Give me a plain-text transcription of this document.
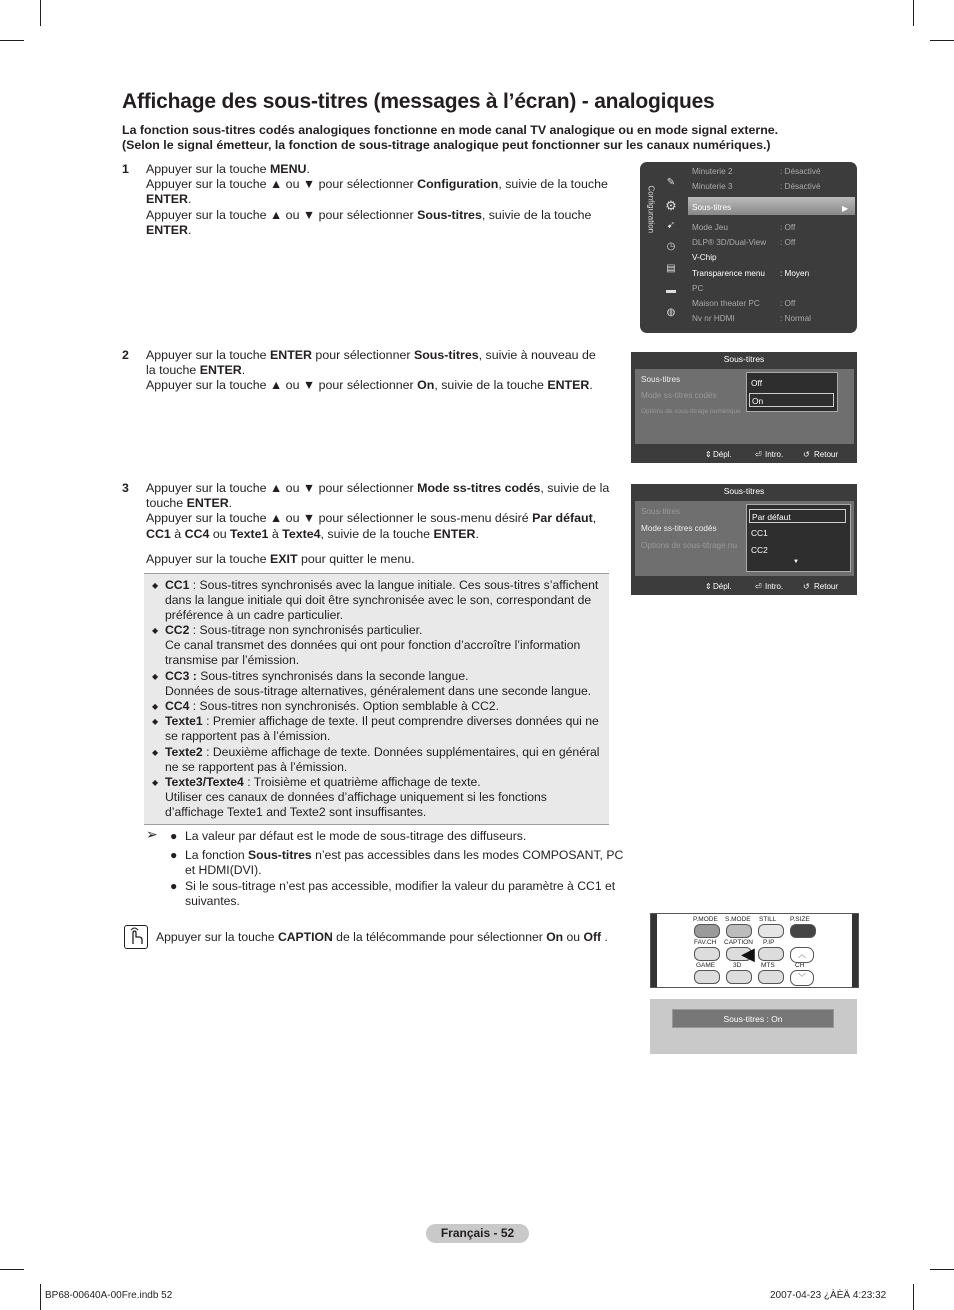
Affichage des sous-titres (messages à l’écran) - analogiques
La fonction sous-titres codés analogiques fonctionne en mode canal TV analogique ou en mode signal externe.
(Selon le signal émetteur, la fonction de sous-titrage analogique peut fonctionner sur les canaux numériques.)
1 Appuyer sur la touche MENU.

Appuyer sur la touche ▲ ou ▼ pour sélectionner Configuration, suivie de la touche ENTER.

Appuyer sur la touche ▲ ou ▼ pour sélectionner Sous-titres, suivie de la touche ENTER.

2 Appuyer sur la touche ENTER pour sélectionner Sous-titres, suivie à nouveau de la touche ENTER.

Appuyer sur la touche ▲ ou ▼ pour sélectionner On, suivie de la touche ENTER.

3 Appuyer sur la touche ▲ ou ▼ pour sélectionner Mode ss-titres codés, suivie de la touche ENTER.

Appuyer sur la touche ▲ ou ▼ pour sélectionner le sous-menu désiré Par défaut, CC1 à CC4 ou Texte1 à Texte4, suivie de la touche ENTER.

Appuyer sur la touche EXIT pour quitter le menu.

◆ CC1 : Sous-titres synchronisés avec la langue initiale. Ces sous-titres s’affichent dans la langue initiale qui doit être synchronisée avec le son, correspondant de préférence à un cadre particulier.
◆ CC2 : Sous-titrage non synchronisés particulier.
Ce canal transmet des données qui ont pour fonction d’accroître l’information transmise par l’émission.
◆ CC3 : Sous-titres synchronisés dans la seconde langue.
Données de sous-titrage alternatives, généralement dans une seconde langue.
◆ CC4 : Sous-titres non synchronisés. Option semblable à CC2.
◆ Texte1 : Premier affichage de texte. Il peut comprendre diverses données qui ne se rapportent pas à l’émission.
◆ Texte2 : Deuxième affichage de texte. Données supplémentaires, qui en général ne se rapportent pas à l’émission.
◆ Texte3/Texte4 : Troisième et quatrième affichage de texte.
Utiliser ces canaux de données d’affichage uniquement si les fonctions d’affichage Texte1 and Texte2 sont insuffisantes.
➢ ● La valeur par défaut est le mode de sous-titrage des diffuseurs.
● La fonction Sous-titres n’est pas accessibles dans les modes COMPOSANT, PC et HDMI(DVI).
● Si le sous-titrage n’est pas accessible, modifier la valeur du paramètre à CC1 et suivantes.
Appuyer sur la touche CAPTION de la télécommande pour sélectionner On ou Off .
Configuration
✎
⚙
➹
◷
▤
▬
◍
Minuterie 2	: Désactivé
Minuterie 3	: Désactivé
Sous-titres	▶
Mode Jeu	: Off
DLP® 3D/Dual-View : Off
V-Chip
Transparence menu : Moyen
PC
Maison theater PC : Off
Nv nr HDMI	: Normal
Sous-titres
Sous-titres
Mode ss-titres codés
Options de sous-titrage numérique
Off
On
⇕ Dépl.	⏎ Intro. ↺ Retour
Sous-titres
Sous-titres
Mode ss-titres codés
Options de sous-titrage nu
Par défaut
CC1
CC2
▼
⇕ Dépl.	⏎ Intro. ↺ Retour
P.MODE S.MODE STILL P.SIZE
FAV.CH CAPTION P.IP
◀
GAME	3D	MTS	CH
︿
﹀
Sous-titres : On
Français - 52
BP68-00640A-00Fre.indb 52	2007-04-23 ¿ÀÈÄ 4:23:32
